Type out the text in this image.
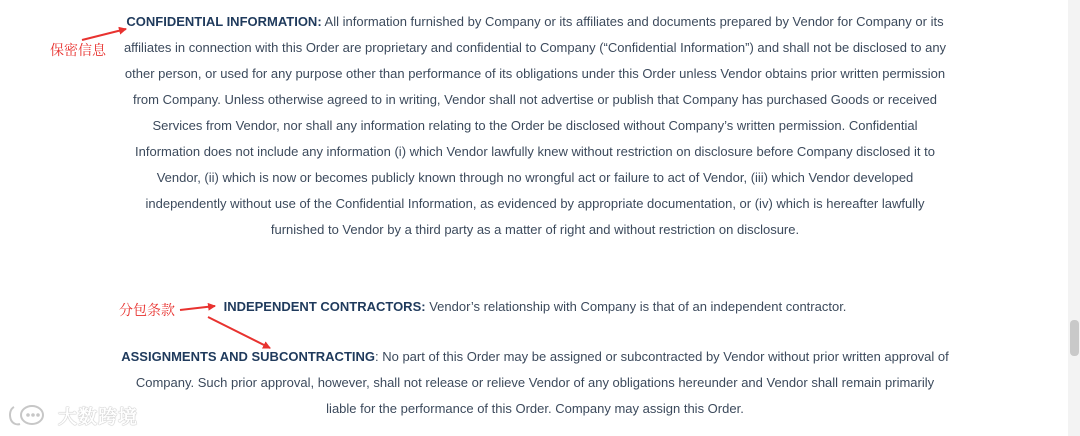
CONFIDENTIAL INFORMATION: All information furnished by Company or its affiliates and documents prepared by Vendor for Company or its affiliates in connection with this Order are proprietary and confidential to Company (“Confidential Information”) and shall not be disclosed to any other person, or used for any purpose other than performance of its obligations under this Order unless Vendor obtains prior written permission from Company. Unless otherwise agreed to in writing, Vendor shall not advertise or publish that Company has purchased Goods or received Services from Vendor, nor shall any information relating to the Order be disclosed without Company’s written permission. Confidential Information does not include any information (i) which Vendor lawfully knew without restriction on disclosure before Company disclosed it to Vendor, (ii) which is now or becomes publicly known through no wrongful act or failure to act of Vendor, (iii) which Vendor developed independently without use of the Confidential Information, as evidenced by appropriate documentation, or (iv) which is hereafter lawfully furnished to Vendor by a third party as a matter of right and without restriction on disclosure.

INDEPENDENT CONTRACTORS: Vendor’s relationship with Company is that of an independent contractor.

ASSIGNMENTS AND SUBCONTRACTING: No part of this Order may be assigned or subcontracted by Vendor without prior written approval of Company. Such prior approval, however, shall not release or relieve Vendor of any obligations hereunder and Vendor shall remain primarily liable for the performance of this Order. Company may assign this Order.

保密信息
分包条款
大数跨境
